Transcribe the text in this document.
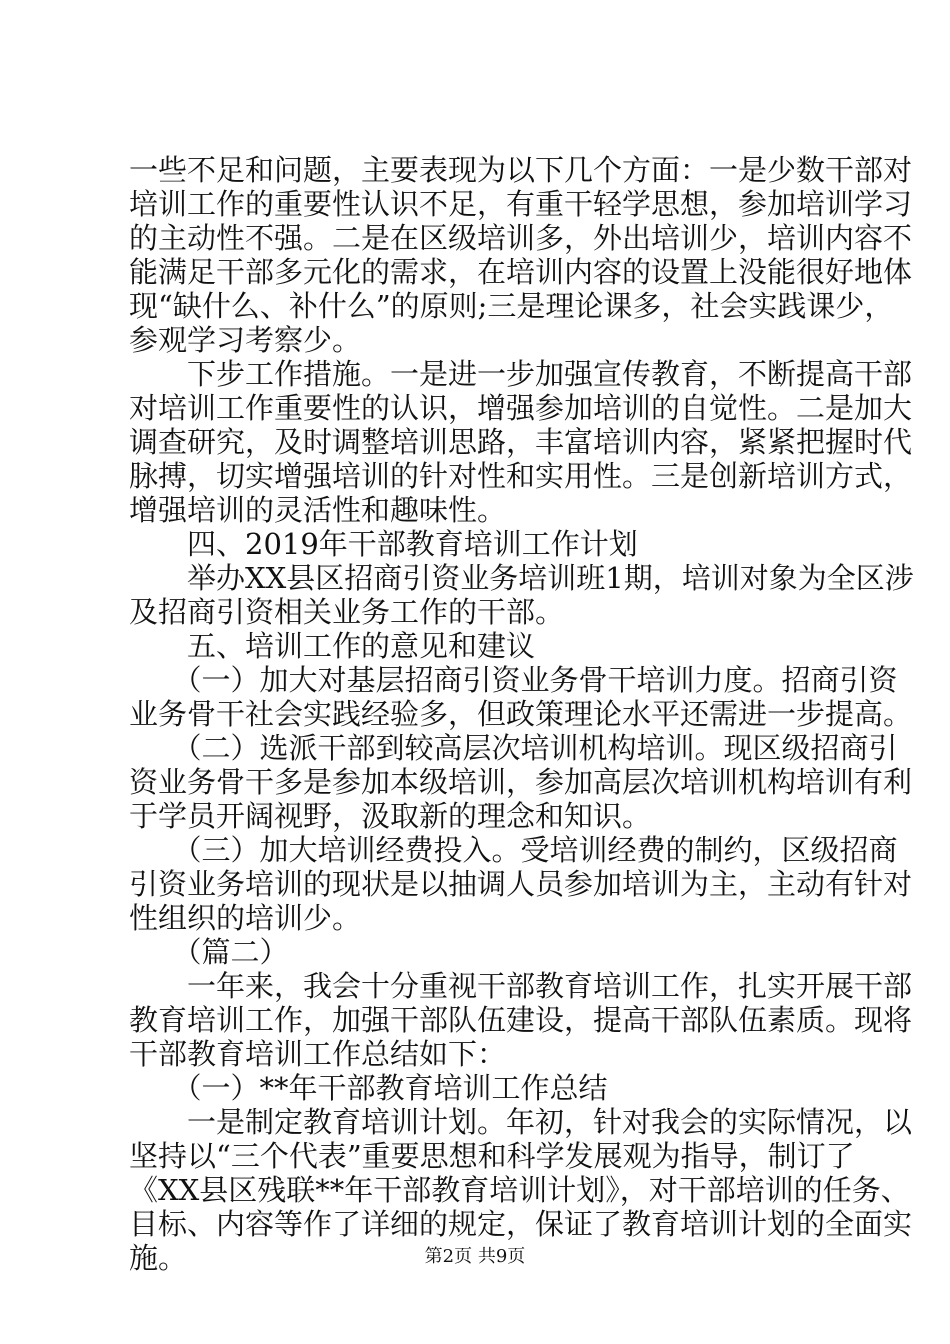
一些不足和问题，主要表现为以下几个方面：一是少数干部对
培训工作的重要性认识不足，有重干轻学思想，参加培训学习
的主动性不强。二是在区级培训多，外出培训少，培训内容不
能满足干部多元化的需求，在培训内容的设置上没能很好地体
现“缺什么、补什么”的原则;三是理论课多，社会实践课少，
参观学习考察少。
　　下步工作措施。一是进一步加强宣传教育，不断提高干部
对培训工作重要性的认识，增强参加培训的自觉性。二是加大
调查研究，及时调整培训思路，丰富培训内容，紧紧把握时代
脉搏，切实增强培训的针对性和实用性。三是创新培训方式，
增强培训的灵活性和趣味性。
　　四、2019年干部教育培训工作计划
　　举办XX县区招商引资业务培训班1期，培训对象为全区涉
及招商引资相关业务工作的干部。
　　五、培训工作的意见和建议
　　（一）加大对基层招商引资业务骨干培训力度。招商引资
业务骨干社会实践经验多，但政策理论水平还需进一步提高。
　　（二）选派干部到较高层次培训机构培训。现区级招商引
资业务骨干多是参加本级培训，参加高层次培训机构培训有利
于学员开阔视野，汲取新的理念和知识。
　　（三）加大培训经费投入。受培训经费的制约，区级招商
引资业务培训的现状是以抽调人员参加培训为主，主动有针对
性组织的培训少。
　　（篇二）
　　一年来，我会十分重视干部教育培训工作，扎实开展干部
教育培训工作，加强干部队伍建设，提高干部队伍素质。现将
干部教育培训工作总结如下：
　　（一）**年干部教育培训工作总结
　　一是制定教育培训计划。年初，针对我会的实际情况，以
坚持以“三个代表”重要思想和科学发展观为指导，制订了
《XX县区残联**年干部教育培训计划》，对干部培训的任务、
目标、内容等作了详细的规定，保证了教育培训计划的全面实
施。	第2页 共9页
